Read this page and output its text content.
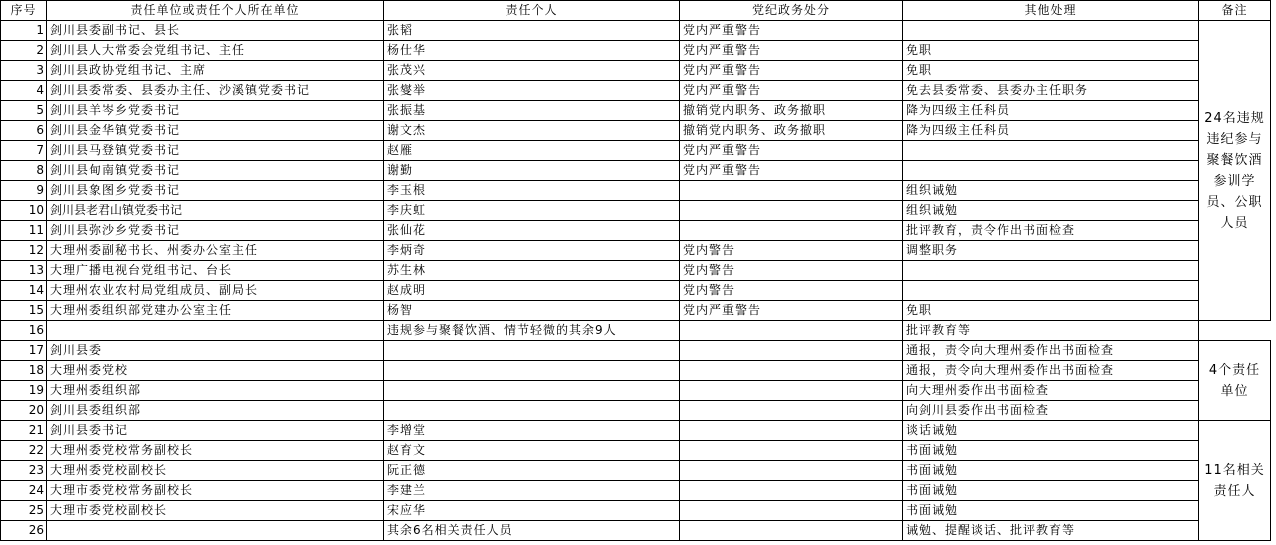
序号	责任单位或责任个人所在单位	责任个人	党纪政务处分	其他处理	备注
1	剑川县委副书记、县长	张韬	党内严重警告		24名违规违纪参与聚餐饮酒参训学员、公职人员
2	剑川县人大常委会党组书记、主任	杨仕华	党内严重警告	免职	
3	剑川县政协党组书记、主席	张茂兴	党内严重警告	免职	
4	剑川县委常委、县委办主任、沙溪镇党委书记	张燮举	党内严重警告	免去县委常委、县委办主任职务	
5	剑川县羊岑乡党委书记	张振基	撤销党内职务、政务撤职	降为四级主任科员	
6	剑川县金华镇党委书记	谢文杰	撤销党内职务、政务撤职	降为四级主任科员	
7	剑川县马登镇党委书记	赵雁	党内严重警告		
8	剑川县甸南镇党委书记	谢勤	党内严重警告		
9	剑川县象图乡党委书记	李玉根		组织诫勉	
10	剑川县老君山镇党委书记	李庆虹		组织诫勉	
11	剑川县弥沙乡党委书记	张仙花		批评教育，责令作出书面检查	
12	大理州委副秘书长、州委办公室主任	李炳奇	党内警告	调整职务	
13	大理广播电视台党组书记、台长	苏生林	党内警告		
14	大理州农业农村局党组成员、副局长	赵成明	党内警告		
15	大理州委组织部党建办公室主任	杨智	党内严重警告	免职	
16		违规参与聚餐饮酒、情节轻微的其余9人		批评教育等	
17	剑川县委			通报，责令向大理州委作出书面检查	4个责任单位
18	大理州委党校			通报，责令向大理州委作出书面检查	
19	大理州委组织部			向大理州委作出书面检查	
20	剑川县委组织部			向剑川县委作出书面检查	
21	剑川县委书记	李增堂		谈话诫勉	11名相关责任人
22	大理州委党校常务副校长	赵育文		书面诫勉	
23	大理州委党校副校长	阮正德		书面诫勉	
24	大理市委党校常务副校长	李建兰		书面诫勉	
25	大理市委党校副校长	宋应华		书面诫勉	
26		其余6名相关责任人员		诫勉、提醒谈话、批评教育等	
